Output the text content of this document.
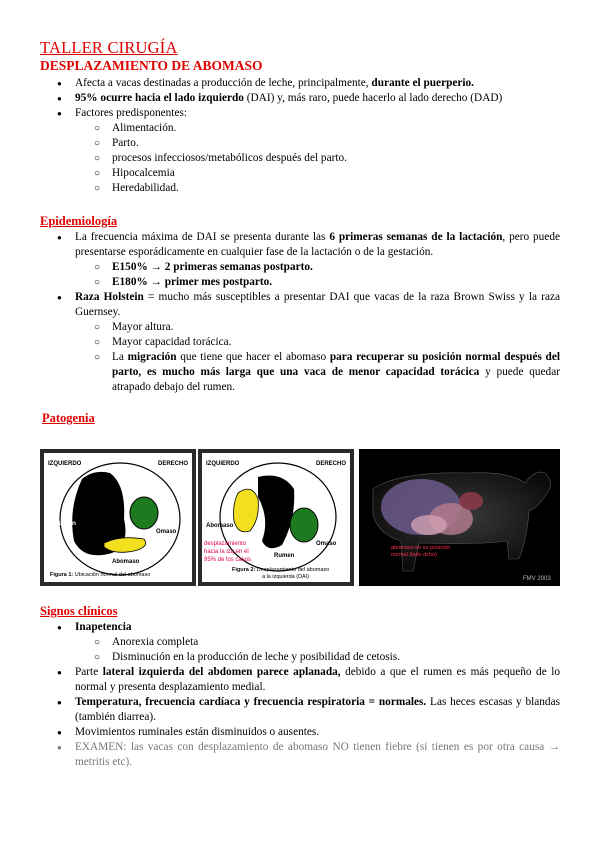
TALLER CIRUGÍA
DESPLAZAMIENTO DE ABOMASO
● Afecta a vacas destinadas a producción de leche, principalmente, durante el puerperio.
● 95% ocurre hacia el lado izquierdo (DAI) y, más raro, puede hacerlo al lado derecho (DAD)
● Factores predisponentes:
○ Alimentación.
○ Parto.
○ procesos infecciosos/metabólicos después del parto.
○ Hipocalcemia
○ Heredabilidad.
Epidemiología
● La frecuencia máxima de DAI se presenta durante las 6 primeras semanas de la lactación, pero puede presentarse esporádicamente en cualquier fase de la lactación o de la gestación.
○ E150% → 2 primeras semanas postparto.
○ E180% → primer mes postparto.
● Raza Holstein = mucho más susceptibles a presentar DAI que vacas de la raza Brown Swiss y la raza Guernsey.
○ Mayor altura.
○ Mayor capacidad torácica.
○ La migración que tiene que hacer el abomaso para recuperar su posición normal después del parto, es mucho más larga que una vaca de menor capacidad torácica y puede quedar atrapado debajo del rumen.
Patogenia
IZQUIERDO	DERECHO
Rúmen
Omaso
Abomaso
Figura 1: Ubicación normal del abomaso
IZQUIERDO	DERECHO
Abomaso
Rumen
Omaso
desplazamiento
hacia la izq en el
95% de los casos
Figura 2: Desplazamiento del abomaso
a la izquierda (DAI)
abomaso en su posición
normal (lado dcho)
FMV 2003
Signos clínicos
● Inapetencia
○ Anorexia completa
○ Disminución en la producción de leche y posibilidad de cetosis.
● Parte lateral izquierda del abdomen parece aplanada, debido a que el rumen es más pequeño de lo normal y presenta desplazamiento medial.
● Temperatura, frecuencia cardíaca y frecuencia respiratoria = normales. Las heces escasas y blandas (también diarrea).
● Movimientos ruminales están disminuidos o ausentes.
● EXAMEN: las vacas con desplazamiento de abomaso NO tienen fiebre (si tienen es por otra causa → metritis etc).
